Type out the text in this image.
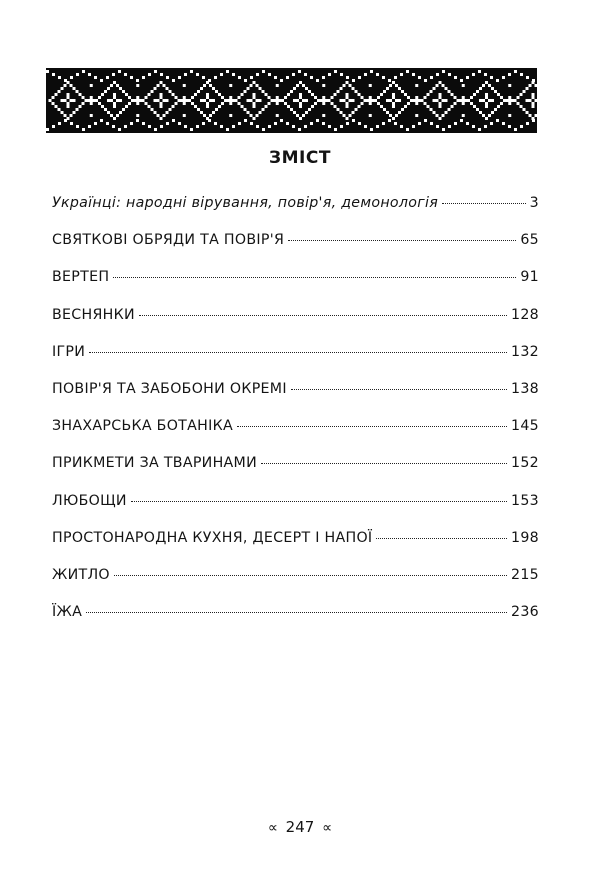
ЗМІСТ
Українці: народні вірування, повір'я, демонологія	3
СВЯТКОВІ ОБРЯДИ ТА ПОВІР'Я	65
ВЕРТЕП	91
ВЕСНЯНКИ	128
ІГРИ	132
ПОВІР'Я ТА ЗАБОБОНИ ОКРЕМІ	138
ЗНАХАРСЬКА БОТАНІКА	145
ПРИКМЕТИ ЗА ТВАРИНАМИ	152
ЛЮБОЩИ	153
ПРОСТОНАРОДНА КУХНЯ, ДЕСЕРТ І НАПОЇ	198
ЖИТЛО	215
ЇЖА	236
∝ 247 ∝
